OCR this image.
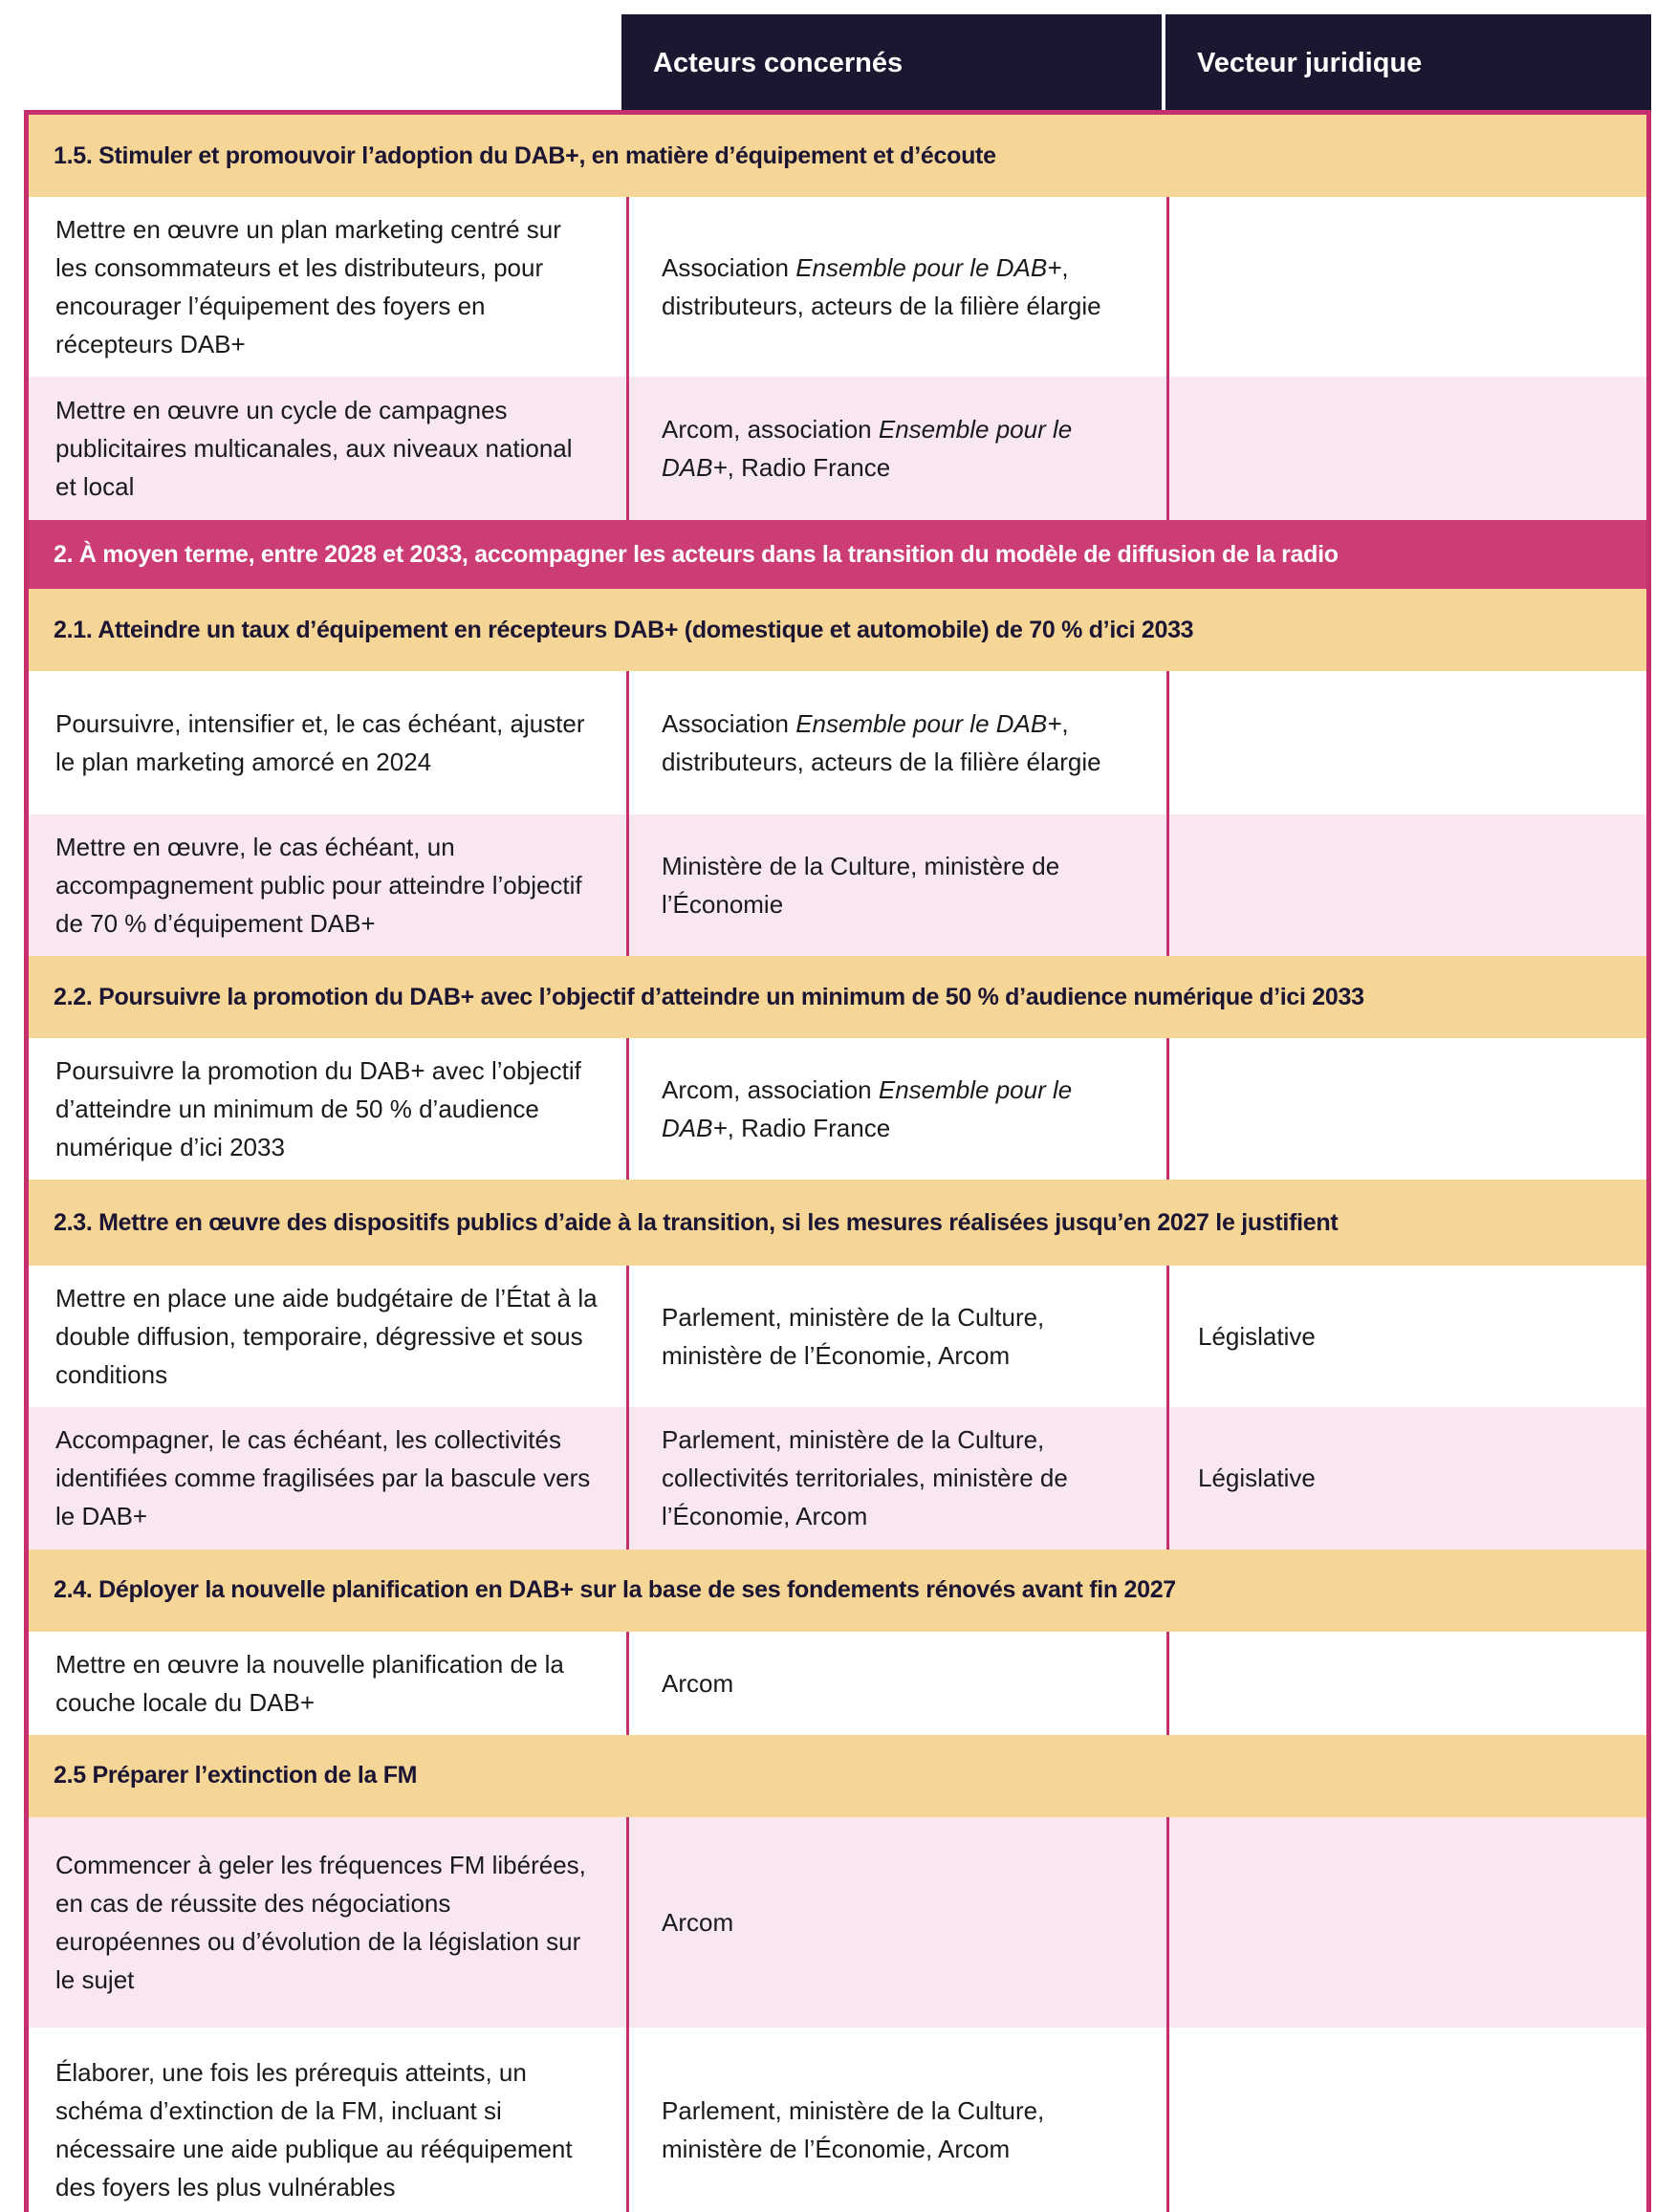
Acteurs concernés	Vecteur juridique
1.5. Stimuler et promouvoir l’adoption du DAB+, en matière d’équipement et d’écoute
Mettre en œuvre un plan marketing centré sur les consommateurs et les distributeurs, pour encourager l’équipement des foyers en récepteurs DAB+
Association Ensemble pour le DAB+, distributeurs, acteurs de la filière élargie
Mettre en œuvre un cycle de campagnes publicitaires multicanales, aux niveaux national et local
Arcom, association Ensemble pour le DAB+, Radio France
2. À moyen terme, entre 2028 et 2033, accompagner les acteurs dans la transition du modèle de diffusion de la radio
2.1. Atteindre un taux d’équipement en récepteurs DAB+ (domestique et automobile) de 70 % d’ici 2033
Poursuivre, intensifier et, le cas échéant, ajuster le plan marketing amorcé en 2024
Association Ensemble pour le DAB+, distributeurs, acteurs de la filière élargie
Mettre en œuvre, le cas échéant, un accompagnement public pour atteindre l’objectif de 70 % d’équipement DAB+
Ministère de la Culture, ministère de l’Économie
2.2. Poursuivre la promotion du DAB+ avec l’objectif d’atteindre un minimum de 50 % d’audience numérique d’ici 2033
Poursuivre la promotion du DAB+ avec l’objectif d’atteindre un minimum de 50 % d’audience numérique d’ici 2033
Arcom, association Ensemble pour le DAB+, Radio France
2.3. Mettre en œuvre des dispositifs publics d’aide à la transition, si les mesures réalisées jusqu’en 2027 le justifient
Mettre en place une aide budgétaire de l’État à la double diffusion, temporaire, dégressive et sous conditions
Parlement, ministère de la Culture, ministère de l’Économie, Arcom
Législative
Accompagner, le cas échéant, les collectivités identifiées comme fragilisées par la bascule vers le DAB+
Parlement, ministère de la Culture, collectivités territoriales, ministère de l’Économie, Arcom
Législative
2.4. Déployer la nouvelle planification en DAB+ sur la base de ses fondements rénovés avant fin 2027
Mettre en œuvre la nouvelle planification de la couche locale du DAB+
Arcom
2.5 Préparer l’extinction de la FM
Commencer à geler les fréquences FM libérées, en cas de réussite des négociations européennes ou d’évolution de la législation sur le sujet
Arcom
Élaborer, une fois les prérequis atteints, un schéma d’extinction de la FM, incluant si nécessaire une aide publique au rééquipement des foyers les plus vulnérables
Parlement, ministère de la Culture, ministère de l’Économie, Arcom
